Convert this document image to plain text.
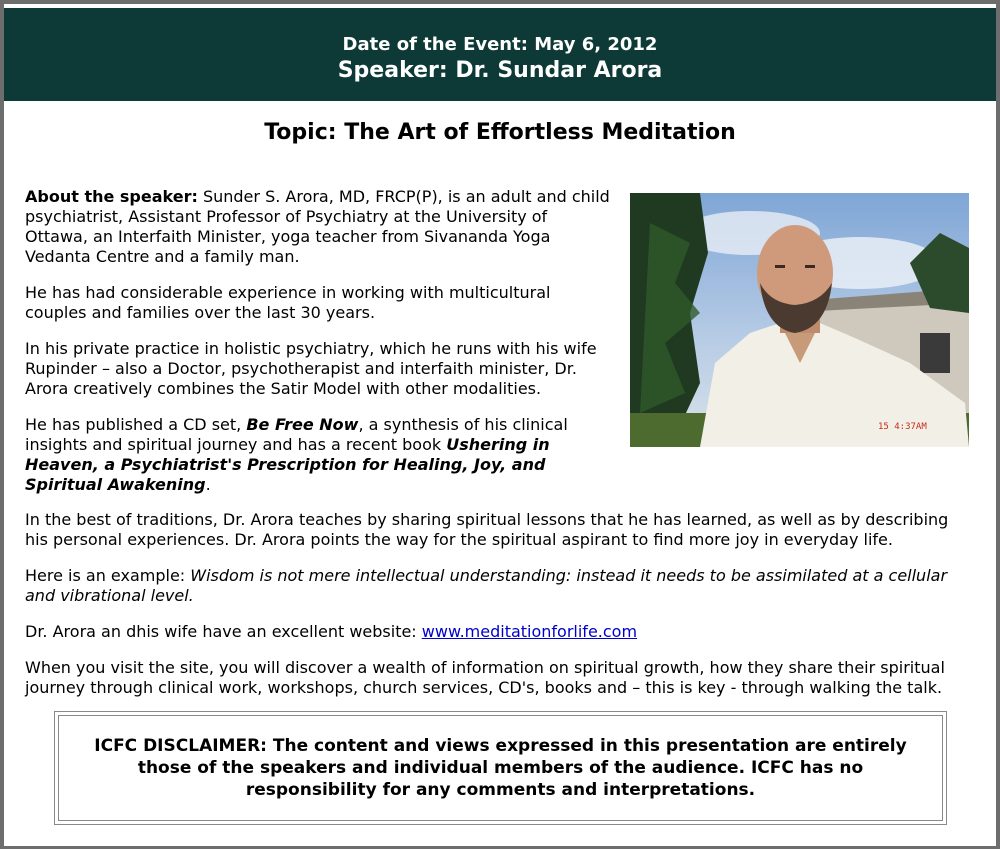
Date of the Event: May 6, 2012
Speaker: Dr. Sundar Arora
Topic: The Art of Effortless Meditation

About the speaker: Sunder S. Arora, MD, FRCP(P), is an adult and child psychiatrist, Assistant Professor of Psychiatry at the University of Ottawa, an Interfaith Minister, yoga teacher from Sivananda Yoga Vedanta Centre and a family man.

He has had considerable experience in working with multicultural couples and families over the last 30 years.

In his private practice in holistic psychiatry, which he runs with his wife Rupinder – also a Doctor, psychotherapist and interfaith minister, Dr. Arora creatively combines the Satir Model with other modalities.

He has published a CD set, Be Free Now, a synthesis of his clinical insights and spiritual journey and has a recent book Ushering in Heaven, a Psychiatrist's Prescription for Healing, Joy, and Spiritual Awakening.

15 4:37AM

In the best of traditions, Dr. Arora teaches by sharing spiritual lessons that he has learned, as well as by describing his personal experiences. Dr. Arora points the way for the spiritual aspirant to find more joy in everyday life.

Here is an example: Wisdom is not mere intellectual understanding: instead it needs to be assimilated at a cellular and vibrational level.

Dr. Arora an dhis wife have an excellent website: www.meditationforlife.com

When you visit the site, you will discover a wealth of information on spiritual growth, how they share their spiritual journey through clinical work, workshops, church services, CD's, books and – this is key - through walking the talk.

ICFC DISCLAIMER: The content and views expressed in this presentation are entirely those of the speakers and individual members of the audience. ICFC has no responsibility for any comments and interpretations.
